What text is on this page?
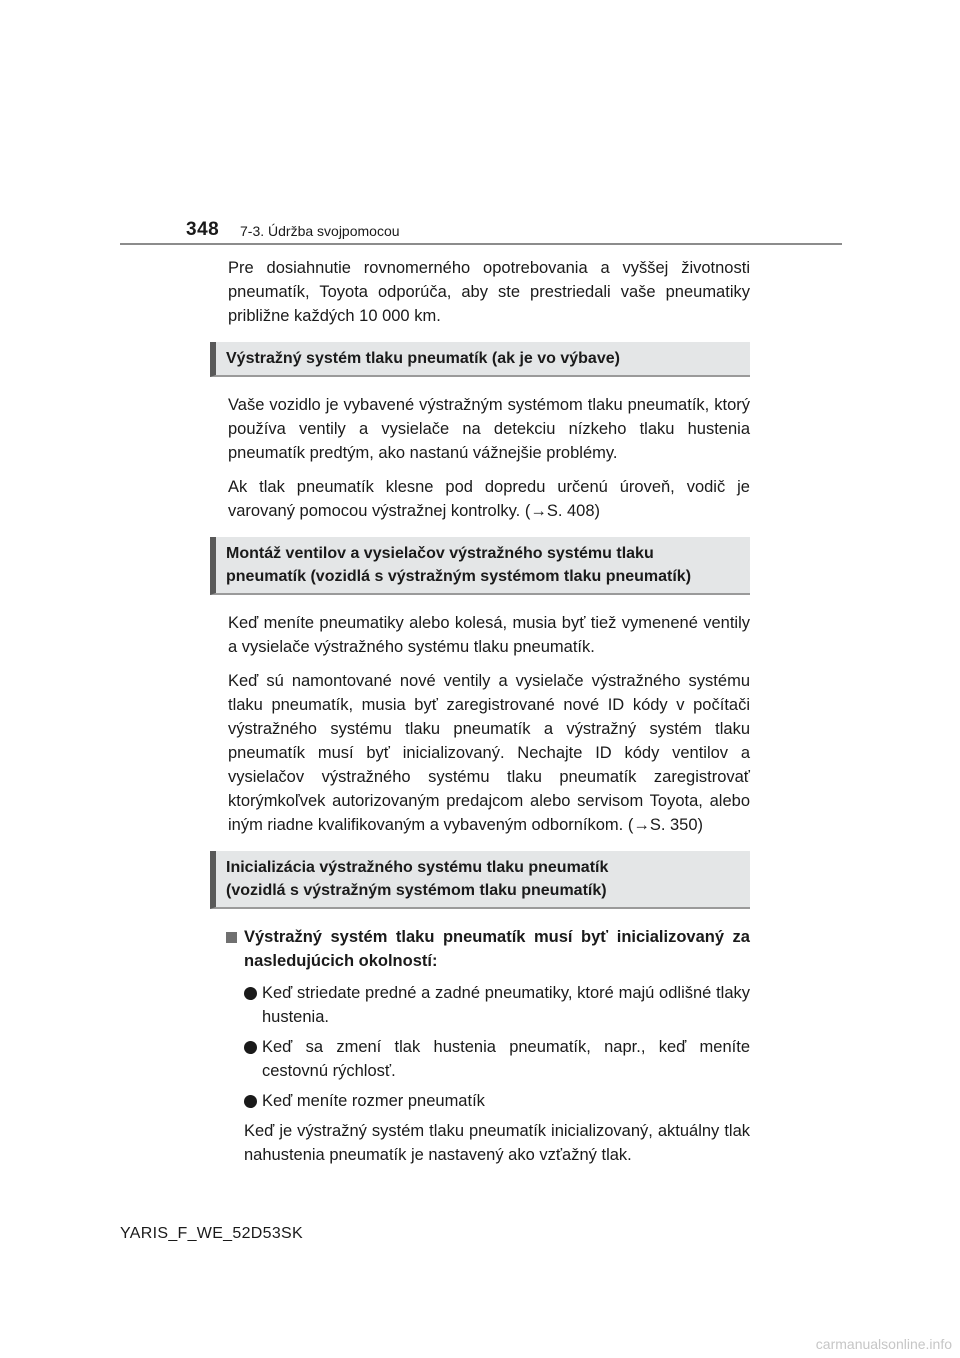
348 7-3. Údržba svojpomocou

Pre dosiahnutie rovnomerného opotrebovania a vyššej životnosti pneumatík, Toyota odporúča, aby ste prestriedali vaše pneumatiky približne každých 10 000 km.

Výstražný systém tlaku pneumatík (ak je vo výbave)

Vaše vozidlo je vybavené výstražným systémom tlaku pneumatík, ktorý používa ventily a vysielače na detekciu nízkeho tlaku hustenia pneumatík predtým, ako nastanú vážnejšie problémy.

Ak tlak pneumatík klesne pod dopredu určenú úroveň, vodič je varovaný pomocou výstražnej kontrolky. (→S. 408)

Montáž ventilov a vysielačov výstražného systému tlaku
pneumatík (vozidlá s výstražným systémom tlaku pneumatík)

Keď meníte pneumatiky alebo kolesá, musia byť tiež vymenené ventily a vysielače výstražného systému tlaku pneumatík.

Keď sú namontované nové ventily a vysielače výstražného systému tlaku pneumatík, musia byť zaregistrované nové ID kódy v počítači výstražného systému tlaku pneumatík a výstražný systém tlaku pneumatík musí byť inicializovaný. Nechajte ID kódy ventilov a vysielačov výstražného systému tlaku pneumatík zaregistrovať ktorýmkoľvek autorizovaným predajcom alebo servisom Toyota, alebo iným riadne kvalifikovaným a vybaveným odborníkom. (→S. 350)

Inicializácia výstražného systému tlaku pneumatík
(vozidlá s výstražným systémom tlaku pneumatík)
Výstražný systém tlaku pneumatík musí byť inicializovaný za nasledujúcich okolností:
Keď striedate predné a zadné pneumatiky, ktoré majú odlišné tlaky hustenia.
Keď sa zmení tlak hustenia pneumatík, napr., keď meníte cestovnú rýchlosť.
Keď meníte rozmer pneumatík

Keď je výstražný systém tlaku pneumatík inicializovaný, aktuálny tlak nahustenia pneumatík je nastavený ako vzťažný tlak.

YARIS_F_WE_52D53SK
carmanualsonline.info
